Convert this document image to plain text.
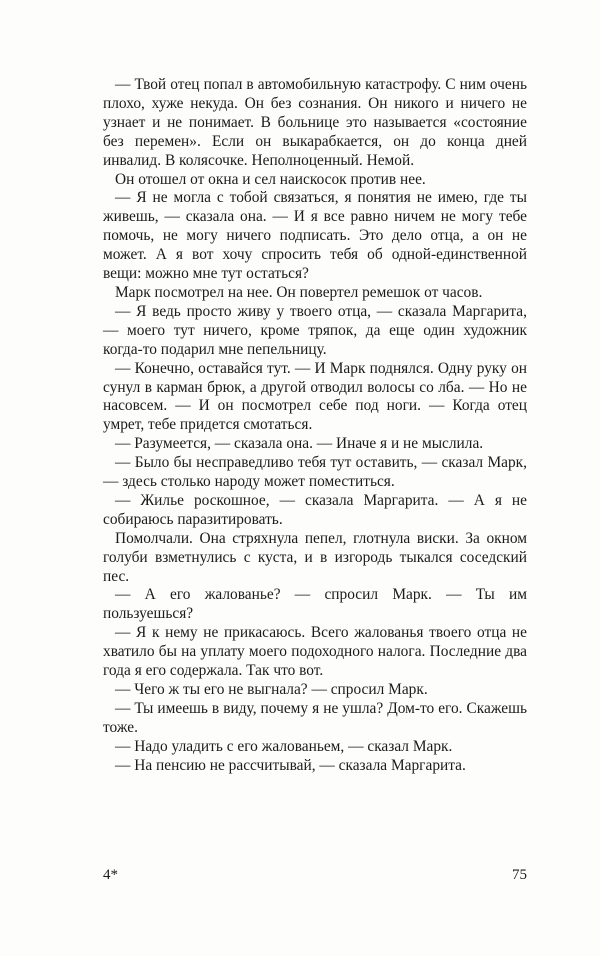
— Твой отец попал в автомобильную катастрофу. С ним очень плохо, хуже некуда. Он без сознания. Он никого и ничего не узнает и не понимает. В больнице это называется «состояние без перемен». Если он выкарабкается, он до конца дней инвалид. В колясочке. Неполноценный. Немой.

Он отошел от окна и сел наискосок против нее.

— Я не могла с тобой связаться, я понятия не имею, где ты живешь, — сказала она. — И я все равно ничем не могу тебе помочь, не могу ничего подписать. Это дело отца, а он не может. А я вот хочу спросить тебя об одной-единственной вещи: можно мне тут остаться?

Марк посмотрел на нее. Он повертел ремешок от часов.

— Я ведь просто живу у твоего отца, — сказала Маргарита, — моего тут ничего, кроме тряпок, да еще один художник когда-то подарил мне пепельницу.

— Конечно, оставайся тут. — И Марк поднялся. Одну руку он сунул в карман брюк, а другой отводил волосы со лба. — Но не насовсем. — И он посмотрел себе под ноги. — Когда отец умрет, тебе придется смотаться.

— Разумеется, — сказала она. — Иначе я и не мыслила.

— Было бы несправедливо тебя тут оставить, — сказал Марк, — здесь столько народу может поместиться.

— Жилье роскошное, — сказала Маргарита. — А я не собираюсь паразитировать.

Помолчали. Она стряхнула пепел, глотнула виски. За окном голуби взметнулись с куста, и в изгородь тыкался соседский пес.

— А его жалованье? — спросил Марк. — Ты им пользуешься?

— Я к нему не прикасаюсь. Всего жалованья твоего отца не хватило бы на уплату моего подоходного налога. Последние два года я его содержала. Так что вот.

— Чего ж ты его не выгнала? — спросил Марк.

— Ты имеешь в виду, почему я не ушла? Дом-то его. Скажешь тоже.

— Надо уладить с его жалованьем, — сказал Марк.

— На пенсию не рассчитывай, — сказала Маргарита.

4*	75
